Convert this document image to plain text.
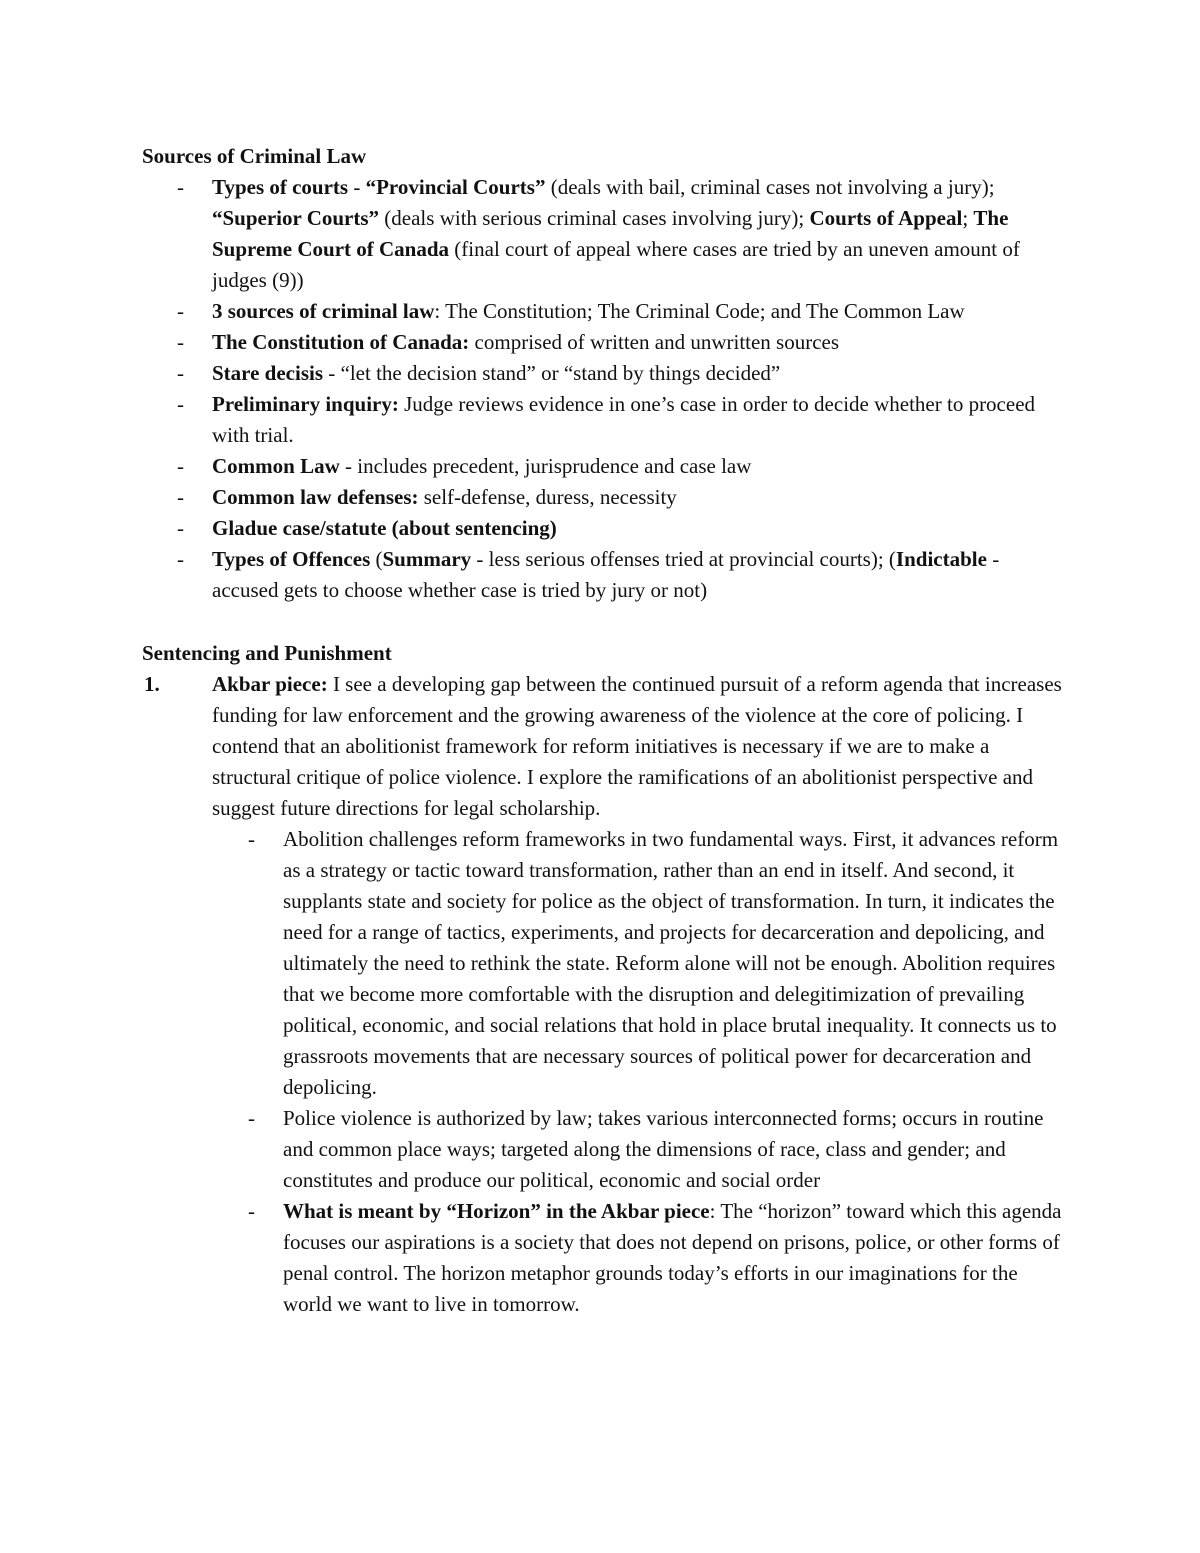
Sources of Criminal Law
- Types of courts - “Provincial Courts” (deals with bail, criminal cases not involving a jury); “Superior Courts” (deals with serious criminal cases involving jury); Courts of Appeal; The Supreme Court of Canada (final court of appeal where cases are tried by an uneven amount of judges (9))
- 3 sources of criminal law: The Constitution; The Criminal Code; and The Common Law
- The Constitution of Canada: comprised of written and unwritten sources
- Stare decisis - “let the decision stand” or “stand by things decided”
- Preliminary inquiry: Judge reviews evidence in one’s case in order to decide whether to proceed with trial.
- Common Law - includes precedent, jurisprudence and case law
- Common law defenses: self-defense, duress, necessity
- Gladue case/statute (about sentencing)
- Types of Offences (Summary - less serious offenses tried at provincial courts); (Indictable - accused gets to choose whether case is tried by jury or not)
Sentencing and Punishment
1. Akbar piece: I see a developing gap between the continued pursuit of a reform agenda that increases funding for law enforcement and the growing awareness of the violence at the core of policing. I contend that an abolitionist framework for reform initiatives is necessary if we are to make a structural critique of police violence. I explore the ramifications of an abolitionist perspective and suggest future directions for legal scholarship.
- Abolition challenges reform frameworks in two fundamental ways. First, it advances reform as a strategy or tactic toward transformation, rather than an end in itself. And second, it supplants state and society for police as the object of transformation. In turn, it indicates the need for a range of tactics, experiments, and projects for decarceration and depolicing, and ultimately the need to rethink the state. Reform alone will not be enough. Abolition requires that we become more comfortable with the disruption and delegitimization of prevailing political, economic, and social relations that hold in place brutal inequality. It connects us to grassroots movements that are necessary sources of political power for decarceration and depolicing.
- Police violence is authorized by law; takes various interconnected forms; occurs in routine and common place ways; targeted along the dimensions of race, class and gender; and constitutes and produce our political, economic and social order
- What is meant by “Horizon” in the Akbar piece: The “horizon” toward which this agenda focuses our aspirations is a society that does not depend on prisons, police, or other forms of penal control. The horizon metaphor grounds today’s efforts in our imaginations for the world we want to live in tomorrow.
